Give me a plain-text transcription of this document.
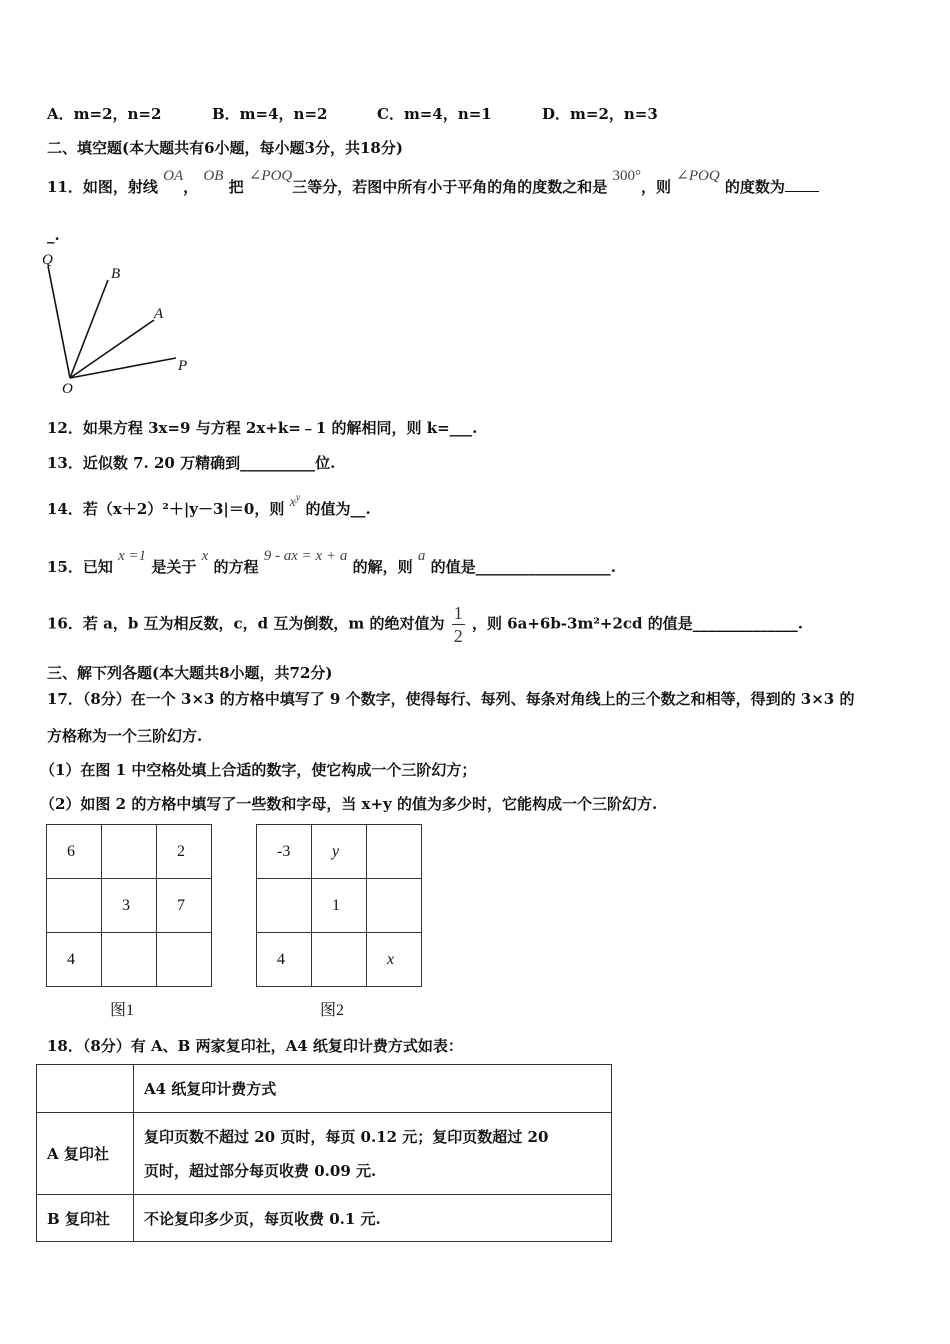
A．m=2，n=2	B．m=4，n=2	C．m=4，n=1	D．m=2，n=3
二、填空题(本大题共有6小题，每小题3分，共18分)
11．如图，射线 OA， OB 把 ∠POQ三等分，若图中所有小于平角的角的度数之和是 300°，则 ∠POQ 的度数为
_.
Q
B
A
P
O
12．如果方程 3x=9 与方程 2x+k=﹣1 的解相同，则 k=___.
13．近似数 7. 20 万精确到__________位.
14．若（x＋2）²＋|y－3|＝0，则 $x^y$ 的值为__.
15．已知 x =1 是关于 x 的方程 9 - ax = x + a 的解，则 a 的值是__________________.
16．若 a，b 互为相反数，c，d 互为倒数，m 的绝对值为 $\frac{1}{2}$ ，则 6a+6b-3m²+2cd 的值是______________.
三、解下列各题(本大题共8小题，共72分)
17．（8分）在一个 3×3 的方格中填写了 9 个数字，使得每行、每列、每条对角线上的三个数之和相等，得到的 3×3 的
方格称为一个三阶幻方.
（1）在图 1 中空格处填上合适的数字，使它构成一个三阶幻方；
（2）如图 2 的方格中填写了一些数和字母，当 x+y 的值为多少时，它能构成一个三阶幻方.
6		2
	3	7
4		
图1
-3	y	
	1	
4		x
图2
18．（8分）有 A、B 两家复印社，A4 纸复印计费方式如表：
	A4 纸复印计费方式
A 复印社	复印页数不超过 20 页时，每页 0.12 元；复印页数超过 20
页时，超过部分每页收费 0.09 元.

B 复印社	不论复印多少页，每页收费 0.1 元.
